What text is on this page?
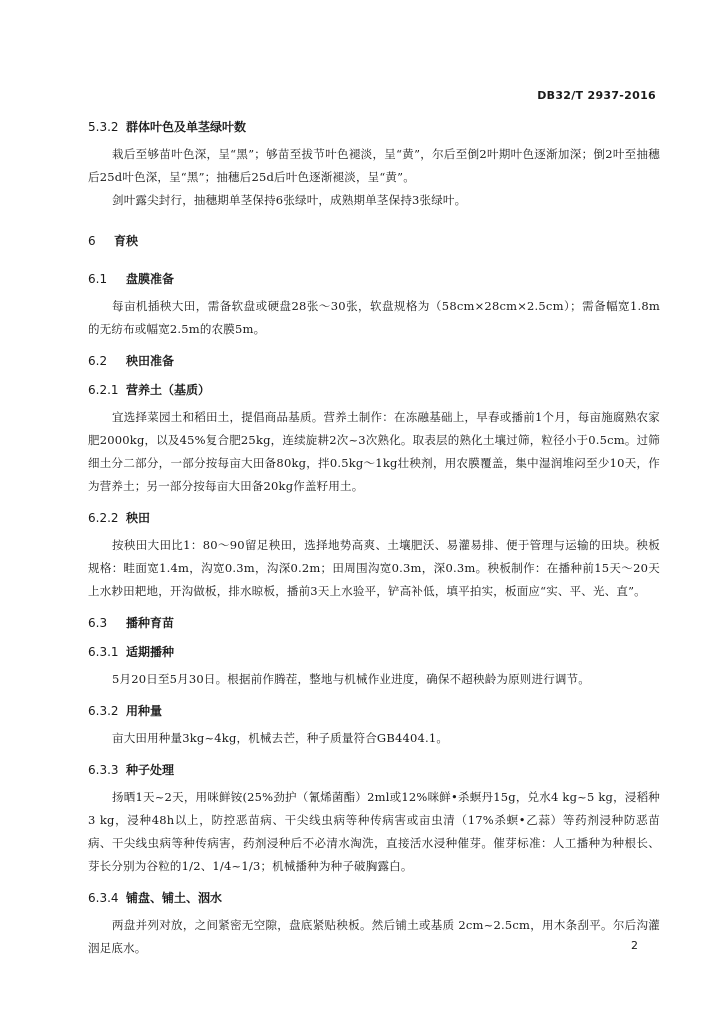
DB32/T 2937-2016
5.3.2 群体叶色及单茎绿叶数

栽后至够苗叶色深，呈“黑”；够苗至拔节叶色褪淡，呈“黄”，尔后至倒2叶期叶色逐渐加深；倒2叶至抽穗后25d叶色深，呈“黑”；抽穗后25d后叶色逐渐褪淡，呈“黄”。

剑叶露尖封行，抽穗期单茎保持6张绿叶，成熟期单茎保持3张绿叶。

6 育秧
6.1 盘膜准备

每亩机插秧大田，需备软盘或硬盘28张～30张，软盘规格为（58cm×28cm×2.5cm）；需备幅宽1.8m的无纺布或幅宽2.5m的农膜5m。

6.2 秧田准备
6.2.1 营养土（基质）

宜选择菜园土和稻田土，提倡商品基质。营养土制作：在冻融基础上，早春或播前1个月，每亩施腐熟农家肥2000kg，以及45%复合肥25kg，连续旋耕2次~3次熟化。取表层的熟化土壤过筛，粒径小于0.5cm。过筛细土分二部分，一部分按每亩大田备80kg，拌0.5kg～1kg壮秧剂，用农膜覆盖，集中湿润堆闷至少10天，作为营养土；另一部分按每亩大田备20kg作盖籽用土。

6.2.2 秧田

按秧田大田比1：80～90留足秧田，选择地势高爽、土壤肥沃、易灌易排、便于管理与运输的田块。秧板规格：畦面宽1.4m，沟宽0.3m，沟深0.2m；田周围沟宽0.3m，深0.3m。秧板制作：在播种前15天～20天上水耖田耙地，开沟做板，排水晾板，播前3天上水验平，铲高补低，填平拍实，板面应“实、平、光、直”。

6.3 播种育苗
6.3.1 适期播种

5月20日至5月30日。根据前作腾茬，整地与机械作业进度，确保不超秧龄为原则进行调节。

6.3.2 用种量

亩大田用种量3kg~4kg，机械去芒，种子质量符合GB4404.1。

6.3.3 种子处理

扬晒1天~2天，用咪鲜铵(25%劲护（氰烯菌酯）2ml或12%咪鲜•杀螟丹15g，兑水4 kg~5 kg，浸稻种3 kg，浸种48h以上，防控恶苗病、干尖线虫病等种传病害或亩虫清（17%杀螟•乙蒜）等药剂浸种防恶苗病、干尖线虫病等种传病害，药剂浸种后不必清水淘洗，直接活水浸种催芽。催芽标准：人工播种为种根长、芽长分别为谷粒的1/2、1/4~1/3；机械播种为种子破胸露白。

6.3.4 铺盘、铺土、洇水

两盘并列对放，之间紧密无空隙，盘底紧贴秧板。然后铺土或基质 2cm~2.5cm，用木条刮平。尔后沟灌洇足底水。	2
